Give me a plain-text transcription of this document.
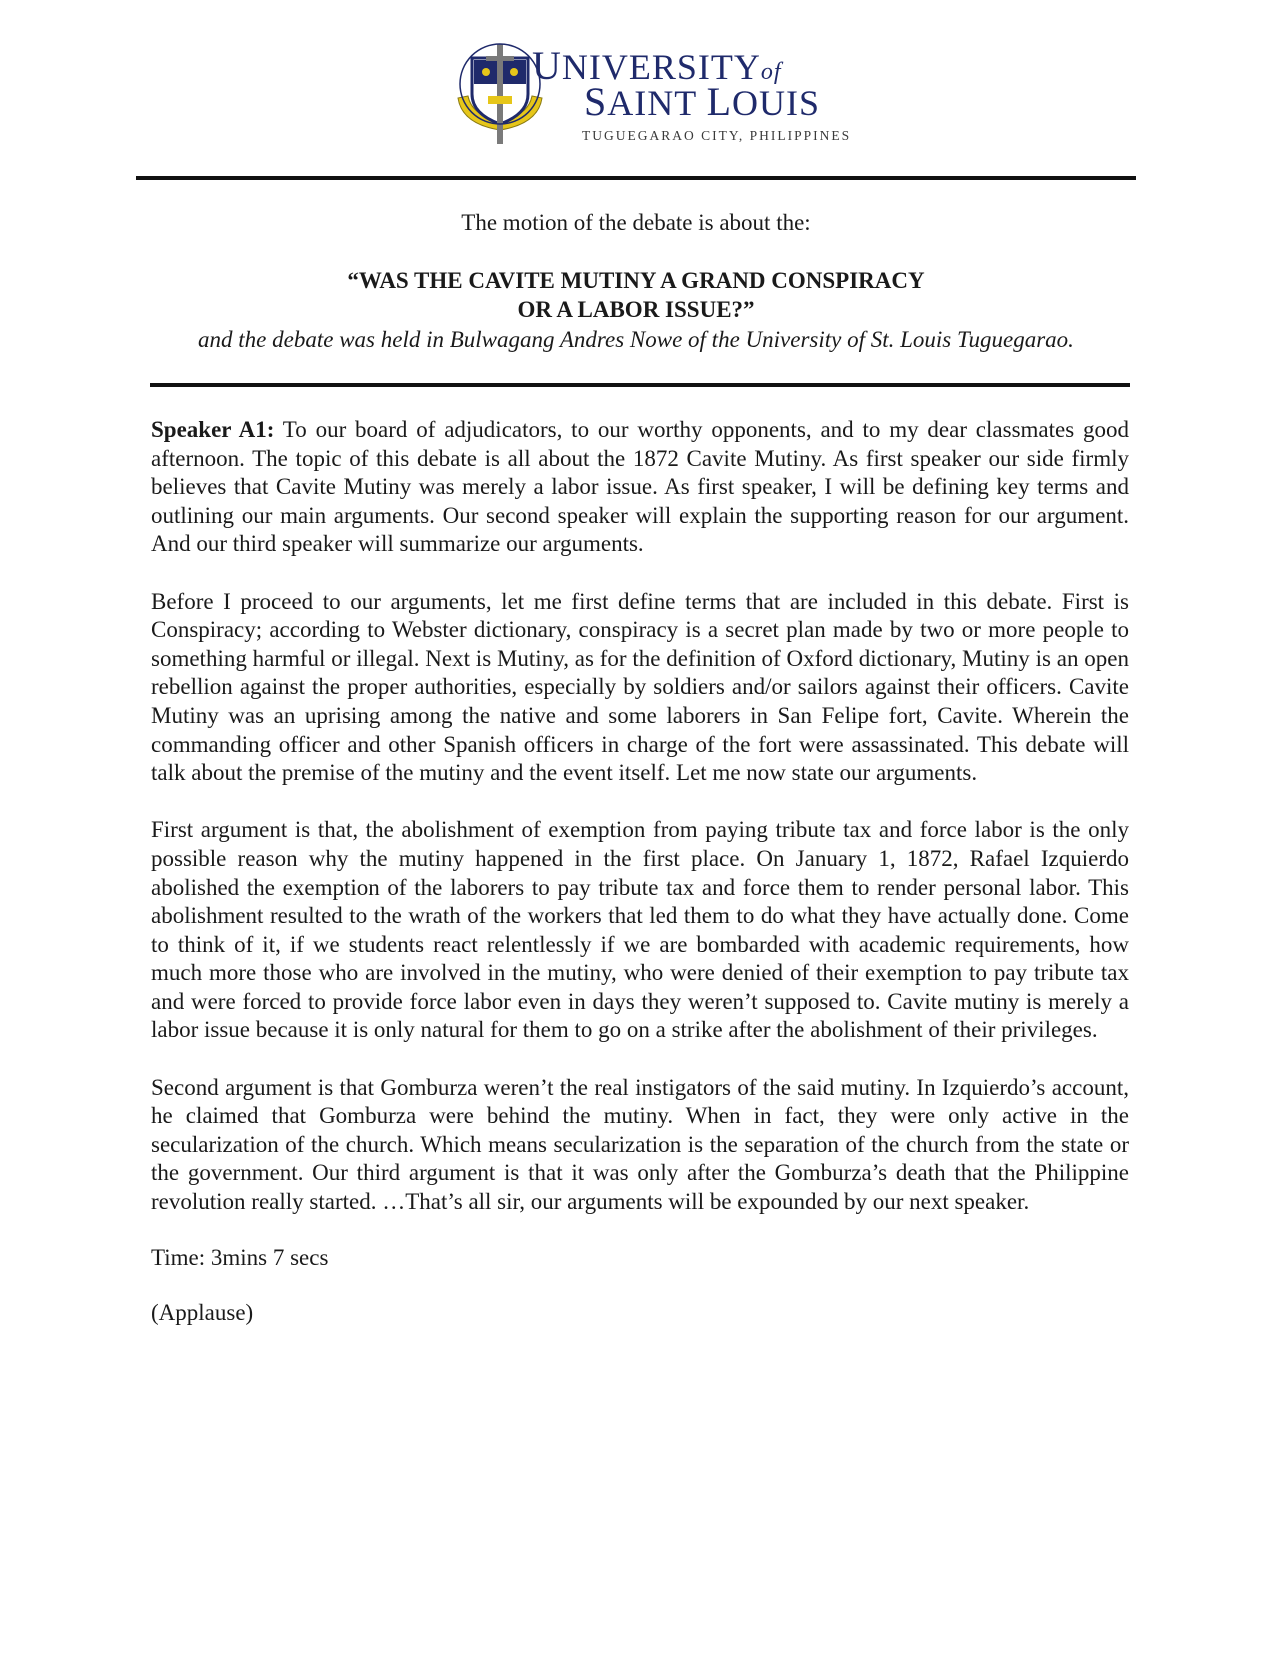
UNIVERSITYof
SAINT LOUIS
TUGUEGARAO CITY, PHILIPPINES
The motion of the debate is about the:
“WAS THE CAVITE MUTINY A GRAND CONSPIRACY
OR A LABOR ISSUE?”
and the debate was held in Bulwagang Andres Nowe of the University of St. Louis Tuguegarao.

Speaker A1: To our board of adjudicators, to our worthy opponents, and to my dear classmates good afternoon. The topic of this debate is all about the 1872 Cavite Mutiny. As first speaker our side firmly believes that Cavite Mutiny was merely a labor issue. As first speaker, I will be defining key terms and outlining our main arguments. Our second speaker will explain the supporting reason for our argument. And our third speaker will summarize our arguments.

Before I proceed to our arguments, let me first define terms that are included in this debate. First is Conspiracy; according to Webster dictionary, conspiracy is a secret plan made by two or more people to something harmful or illegal. Next is Mutiny, as for the definition of Oxford dictionary, Mutiny is an open rebellion against the proper authorities, especially by soldiers and/or sailors against their officers. Cavite Mutiny was an uprising among the native and some laborers in San Felipe fort, Cavite. Wherein the commanding officer and other Spanish officers in charge of the fort were assassinated. This debate will talk about the premise of the mutiny and the event itself. Let me now state our arguments.

First argument is that, the abolishment of exemption from paying tribute tax and force labor is the only possible reason why the mutiny happened in the first place. On January 1, 1872, Rafael Izquierdo abolished the exemption of the laborers to pay tribute tax and force them to render personal labor. This abolishment resulted to the wrath of the workers that led them to do what they have actually done. Come to think of it, if we students react relentlessly if we are bombarded with academic requirements, how much more those who are involved in the mutiny, who were denied of their exemption to pay tribute tax and were forced to provide force labor even in days they weren’t supposed to. Cavite mutiny is merely a labor issue because it is only natural for them to go on a strike after the abolishment of their privileges.

Second argument is that Gomburza weren’t the real instigators of the said mutiny. In Izquierdo’s account, he claimed that Gomburza were behind the mutiny. When in fact, they were only active in the secularization of the church. Which means secularization is the separation of the church from the state or the government. Our third argument is that it was only after the Gomburza’s death that the Philippine revolution really started. …That’s all sir, our arguments will be expounded by our next speaker.

Time: 3mins 7 secs

(Applause)
